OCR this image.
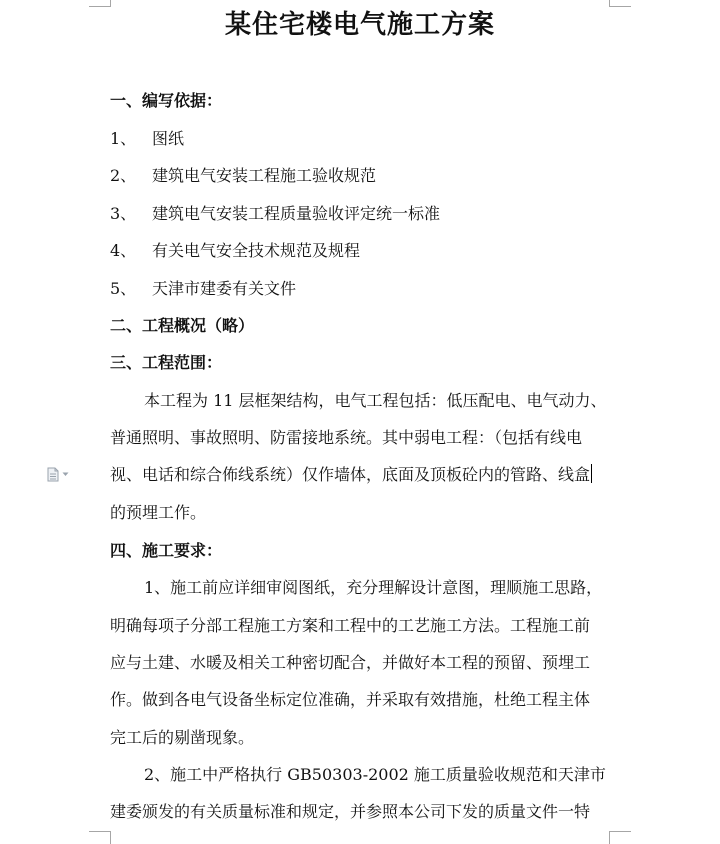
某住宅楼电气施工方案
一、编写依据：
1、 图纸
2、 建筑电气安装工程施工验收规范
3、 建筑电气安装工程质量验收评定统一标准
4、 有关电气安全技术规范及规程
5、 天津市建委有关文件
二、工程概况（略）
三、工程范围：
本工程为 11 层框架结构，电气工程包括：低压配电、电气动力、
普通照明、事故照明、防雷接地系统。其中弱电工程：（包括有线电
视、电话和综合佈线系统）仅作墙体，底面及顶板砼内的管路、线盒
的预埋工作。
四、施工要求：
1、施工前应详细审阅图纸，充分理解设计意图，理顺施工思路，
明确每项子分部工程施工方案和工程中的工艺施工方法。工程施工前
应与土建、水暖及相关工种密切配合，并做好本工程的预留、预埋工
作。做到各电气设备坐标定位准确，并采取有效措施，杜绝工程主体
完工后的剔凿现象。
2、施工中严格执行 GB50303-2002 施工质量验收规范和天津市
建委颁发的有关质量标准和规定，并参照本公司下发的质量文件一特
